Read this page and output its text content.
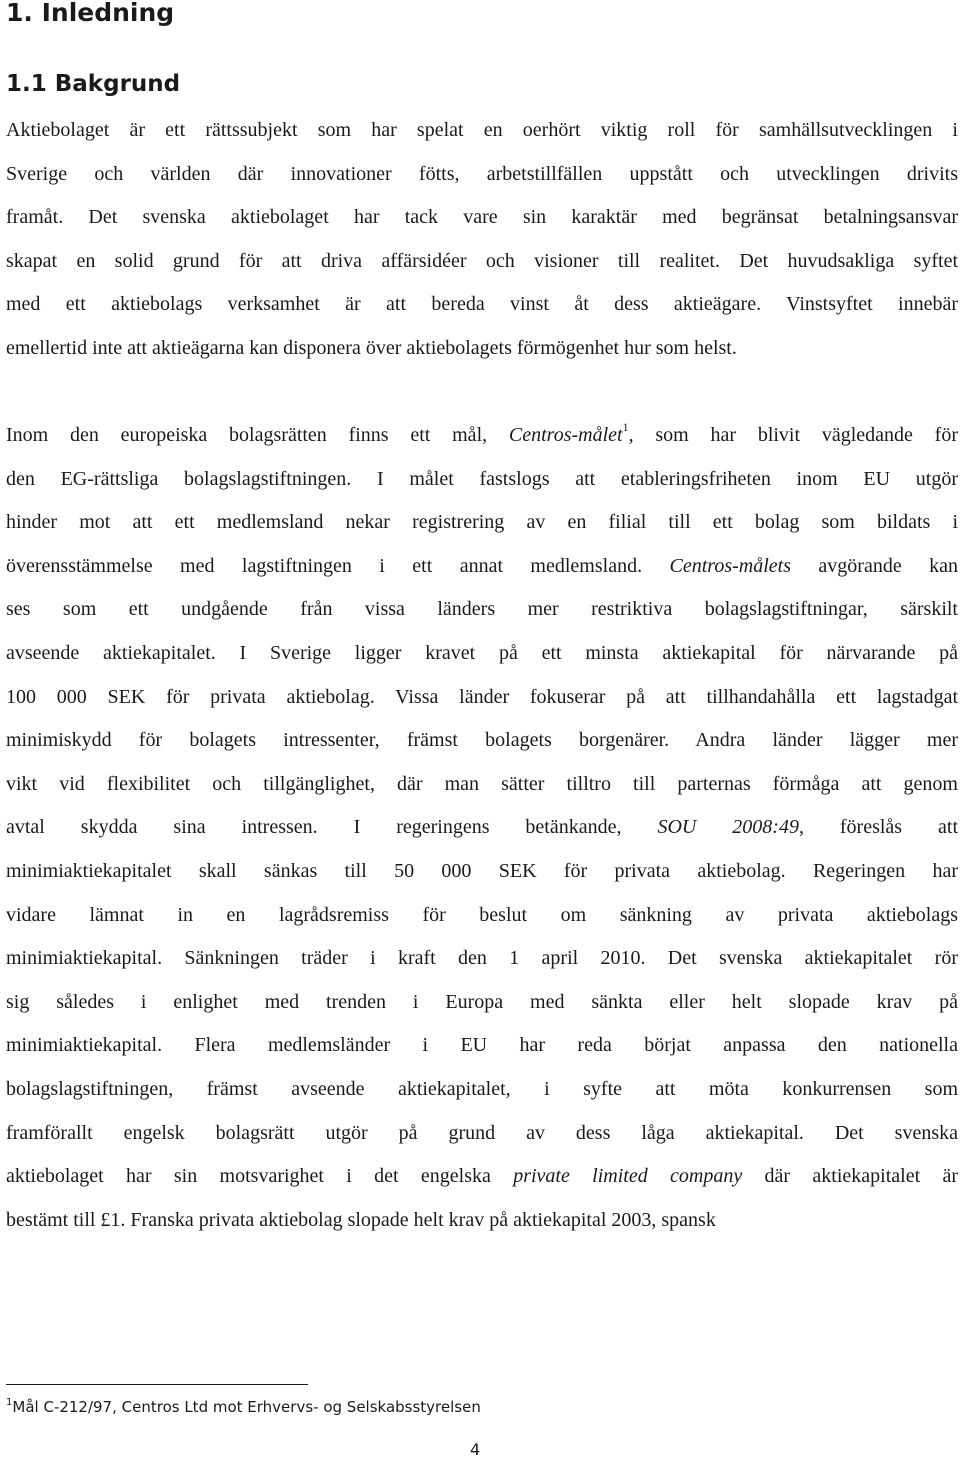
1. Inledning
1.1 Bakgrund
Aktiebolaget är ett rättssubjekt som har spelat en oerhört viktig roll för samhällsutvecklingen i
Sverige och världen där innovationer fötts, arbetstillfällen uppstått och utvecklingen drivits
framåt. Det svenska aktiebolaget har tack vare sin karaktär med begränsat betalningsansvar
skapat en solid grund för att driva affärsidéer och visioner till realitet. Det huvudsakliga syftet
med ett aktiebolags verksamhet är att bereda vinst åt dess aktieägare. Vinstsyftet innebär
emellertid inte att aktieägarna kan disponera över aktiebolagets förmögenhet hur som helst.
Inom den europeiska bolagsrätten finns ett mål, Centros-målet$^1$, som har blivit vägledande för
den EG-rättsliga bolagslagstiftningen. I målet fastslogs att etableringsfriheten inom EU utgör
hinder mot att ett medlemsland nekar registrering av en filial till ett bolag som bildats i
överensstämmelse med lagstiftningen i ett annat medlemsland. Centros-målets avgörande kan
ses som ett undgående från vissa länders mer restriktiva bolagslagstiftningar, särskilt
avseende aktiekapitalet. I Sverige ligger kravet på ett minsta aktiekapital för närvarande på
100 000 SEK för privata aktiebolag. Vissa länder fokuserar på att tillhandahålla ett lagstadgat
minimiskydd för bolagets intressenter, främst bolagets borgenärer. Andra länder lägger mer
vikt vid flexibilitet och tillgänglighet, där man sätter tilltro till parternas förmåga att genom
avtal skydda sina intressen. I regeringens betänkande, SOU 2008:49, föreslås att
minimiaktiekapitalet skall sänkas till 50 000 SEK för privata aktiebolag. Regeringen har
vidare lämnat in en lagrådsremiss för beslut om sänkning av privata aktiebolags
minimiaktiekapital. Sänkningen träder i kraft den 1 april 2010. Det svenska aktiekapitalet rör
sig således i enlighet med trenden i Europa med sänkta eller helt slopade krav på
minimiaktiekapital. Flera medlemsländer i EU har reda börjat anpassa den nationella
bolagslagstiftningen, främst avseende aktiekapitalet, i syfte att möta konkurrensen som
framförallt engelsk bolagsrätt utgör på grund av dess låga aktiekapital. Det svenska
aktiebolaget har sin motsvarighet i det engelska private limited company där aktiekapitalet är
bestämt till £1. Franska privata aktiebolag slopade helt krav på aktiekapital 2003, spansk

$^1$Mål C-212/97, Centros Ltd mot Erhvervs- og Selskabsstyrelsen

4
